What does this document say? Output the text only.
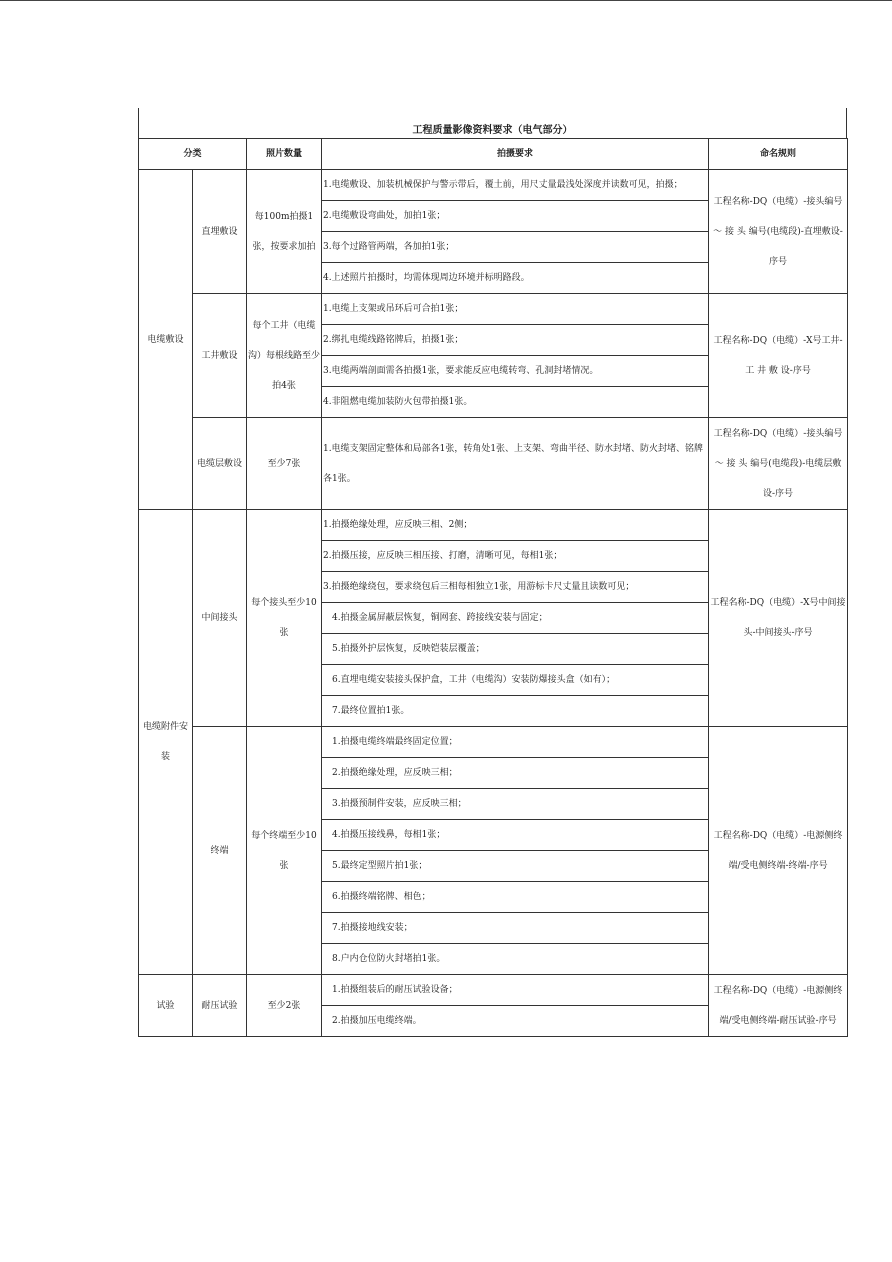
工程质量影像资料要求（电气部分）
分类		照片数量	拍摄要求	命名规则
电缆敷设	直埋敷设	每100m拍摄1张，按要求加拍	1.电缆敷设、加装机械保护与警示带后，覆土前，用尺丈量最浅处深度并读数可见，拍摄；	工程名称-DQ（电缆）-接头编号 ～ 接 头 编号(电缆段)-直埋敷设-序号
			2.电缆敷设弯曲处，加拍1张；	
			3.每个过路管两端，各加拍1张；	
			4.上述照片拍摄时，均需体现周边环境并标明路段。	
	工井敷设	每个工井（电缆沟）每根线路至少拍4张	1.电缆上支架或吊环后可合拍1张；	工程名称-DQ（电缆）-X号工井-工 井 敷 设-序号
			2.绑扎电缆线路铭牌后，拍摄1张；	
			3.电缆两端剖面需各拍摄1张，要求能反应电缆转弯、孔洞封堵情况。	
			4.非阻燃电缆加装防火包带拍摄1张。	
	电缆层敷设	至少7张	1.电缆支架固定整体和局部各1张，转角处1张、上支架、弯曲半径、防水封堵、防火封堵、铭牌各1张。	工程名称-DQ（电缆）-接头编号～ 接 头 编号(电缆段)-电缆层敷设-序号
电缆附件安装	中间接头	每个接头至少10张	1.拍摄绝缘处理，应反映三相、2侧；	工程名称-DQ（电缆）-X号中间接头-中间接头-序号
			2.拍摄压接，应反映三相压接、打磨，清晰可见，每相1张；	
			3.拍摄绝缘绕包，要求绕包后三相每相独立1张，用游标卡尺丈量且读数可见；	
			4.拍摄金属屏蔽层恢复，铜网套、跨接线安装与固定；	
			5.拍摄外护层恢复，反映铠装层覆盖；	
			6.直埋电缆安装接头保护盒，工井（电缆沟）安装防爆接头盒（如有）；	
			7.最终位置拍1张。	
	终端	每个终端至少10张	1.拍摄电缆终端最终固定位置；	工程名称-DQ（电缆）-电源侧终端/受电侧终端-终端-序号
			2.拍摄绝缘处理，应反映三相；	
			3.拍摄预制件安装，应反映三相；	
			4.拍摄压接线鼻，每相1张；	
			5.最终定型照片拍1张；	
			6.拍摄终端铭牌、相色；	
			7.拍摄接地线安装；	
			8.户内仓位防火封堵拍1张。	
试验	耐压试验	至少2张	1.拍摄组装后的耐压试验设备；	工程名称-DQ（电缆）-电源侧终端/受电侧终端-耐压试验-序号
			2.拍摄加压电缆终端。	
